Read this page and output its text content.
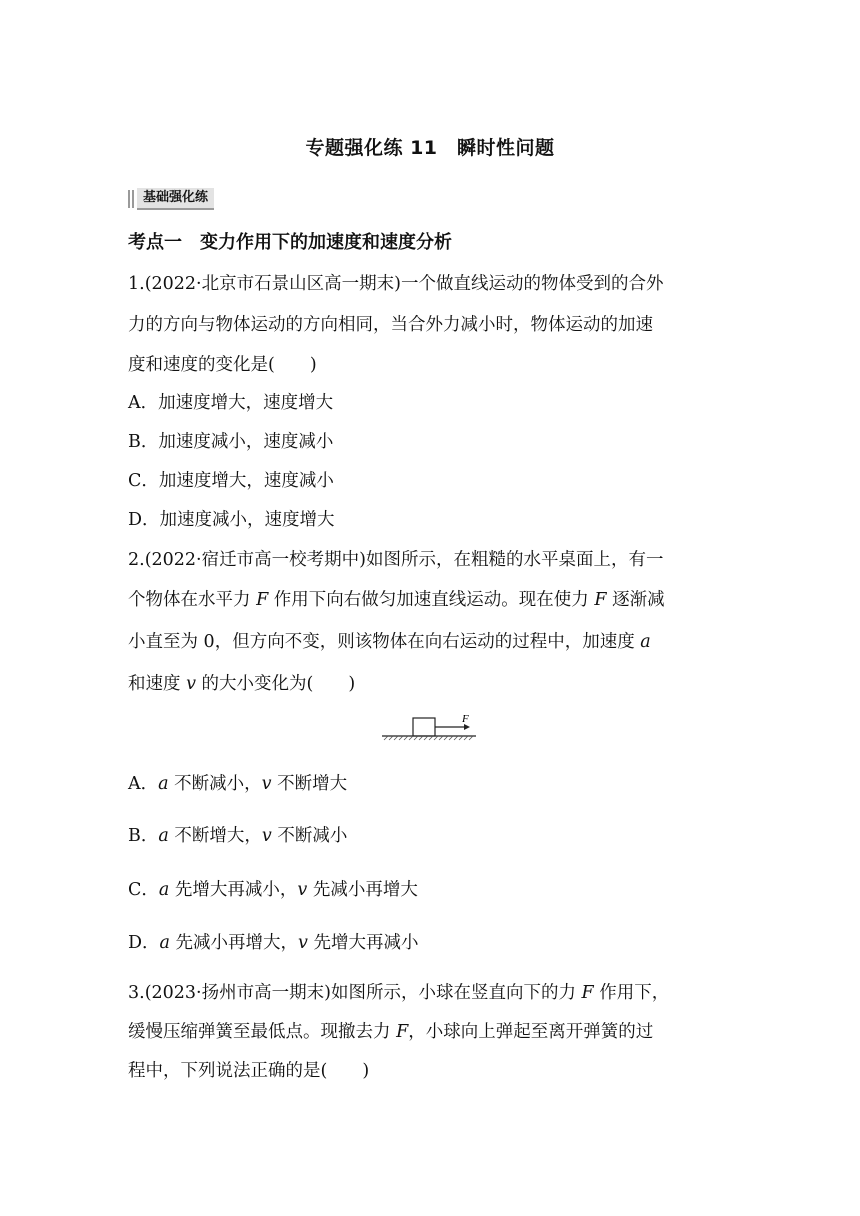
专题强化练 11　瞬时性问题
基础强化练
考点一　变力作用下的加速度和速度分析
1.(2022·北京市石景山区高一期末)一个做直线运动的物体受到的合外
力的方向与物体运动的方向相同，当合外力减小时，物体运动的加速
度和速度的变化是(　　)
A．加速度增大，速度增大
B．加速度减小，速度减小
C．加速度增大，速度减小
D．加速度减小，速度增大
2.(2022·宿迁市高一校考期中)如图所示，在粗糙的水平桌面上，有一
个物体在水平力 F 作用下向右做匀加速直线运动。现在使力 F 逐渐减
小直至为 0，但方向不变，则该物体在向右运动的过程中，加速度 a
和速度 v 的大小变化为(　　)
F
A．a 不断减小，v 不断增大
B．a 不断增大，v 不断减小
C．a 先增大再减小，v 先减小再增大
D．a 先减小再增大，v 先增大再减小
3.(2023·扬州市高一期末)如图所示，小球在竖直向下的力 F 作用下，
缓慢压缩弹簧至最低点。现撤去力 F，小球向上弹起至离开弹簧的过
程中，下列说法正确的是(　　)
